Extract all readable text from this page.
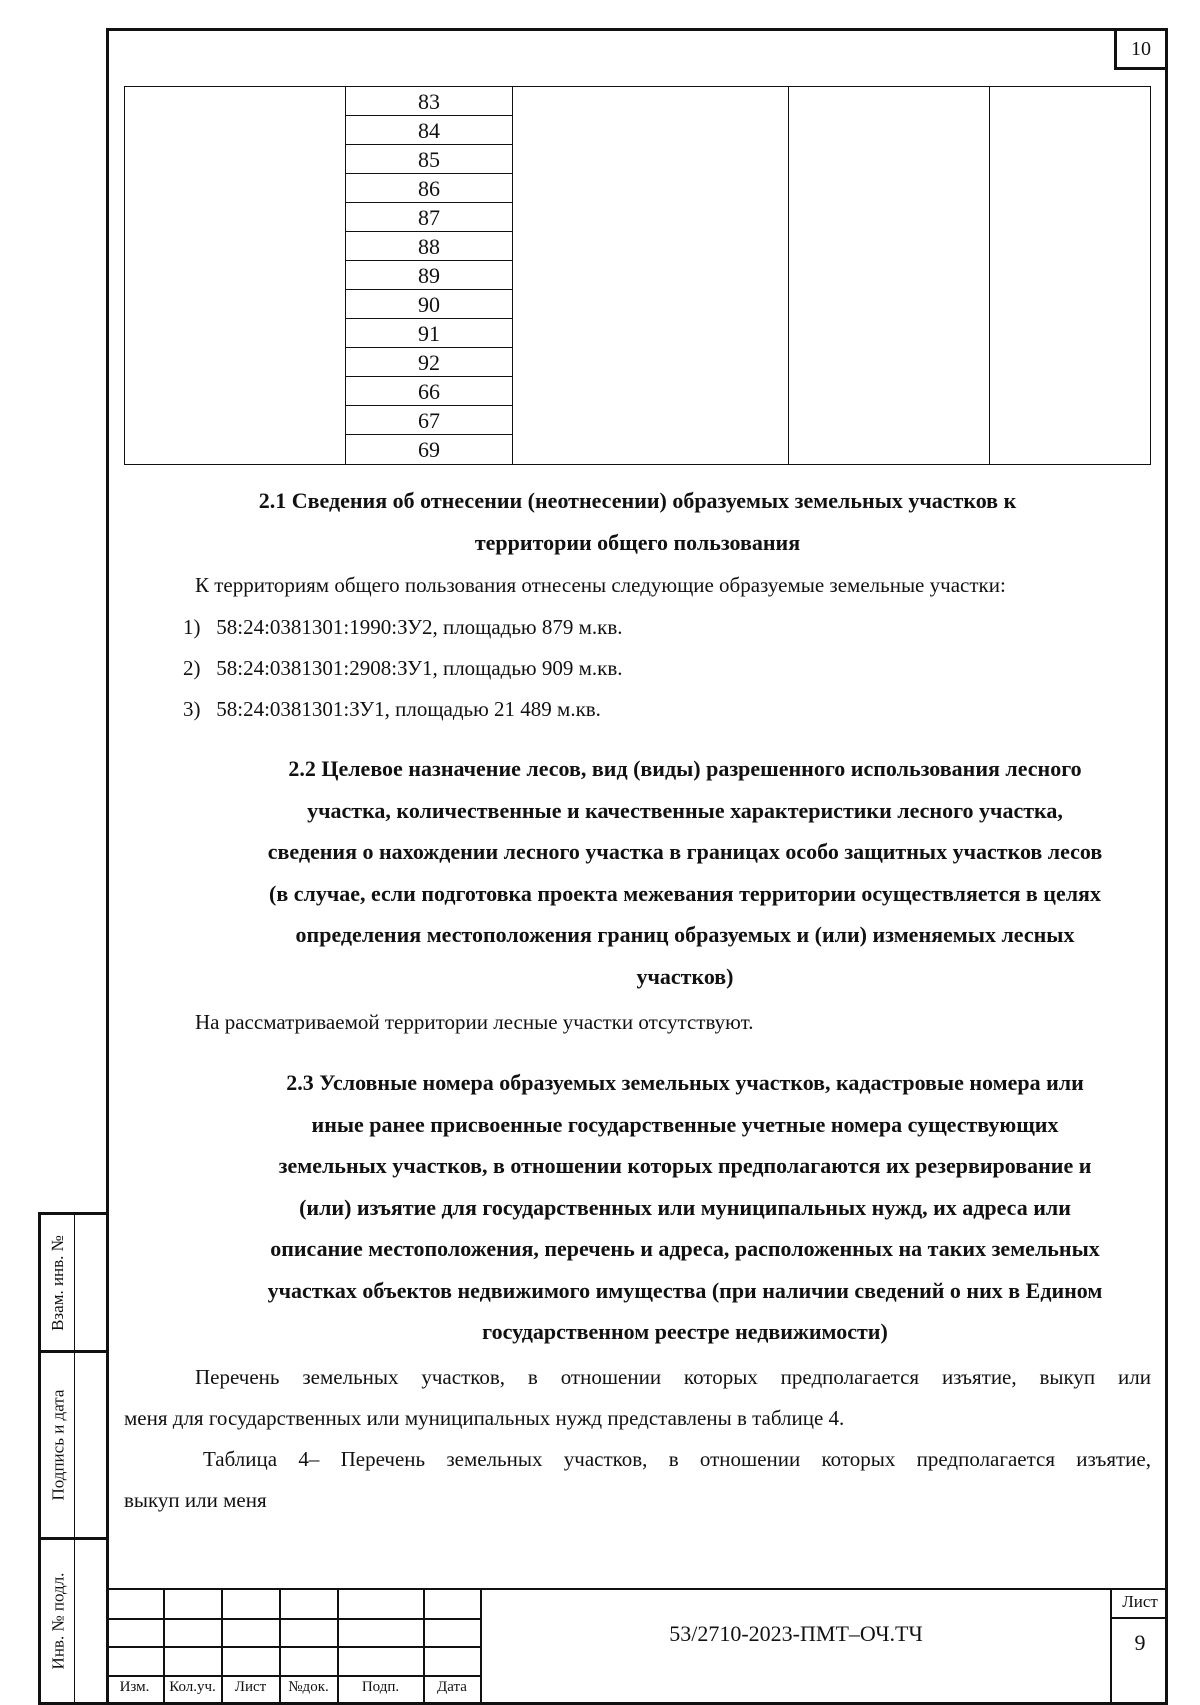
10
Взам. инв. №
Подпись и дата
Инв. № подл.

83
84
85
86
87
88
89
90
91
92
66
67
69

2.1 Сведения об отнесении (неотнесении) образуемых земельных участков к
территории общего пользования
К территориям общего пользования отнесены следующие образуемые земельные участки:
1) 58:24:0381301:1990:ЗУ2, площадью 879 м.кв.
2) 58:24:0381301:2908:ЗУ1, площадью 909 м.кв.
3) 58:24:0381301:ЗУ1, площадью 21 489 м.кв.
2.2 Целевое назначение лесов, вид (виды) разрешенного использования лесного
участка, количественные и качественные характеристики лесного участка,
сведения о нахождении лесного участка в границах особо защитных участков лесов
(в случае, если подготовка проекта межевания территории осуществляется в целях
определения местоположения границ образуемых и (или) изменяемых лесных
участков)
На рассматриваемой территории лесные участки отсутствуют.
2.3 Условные номера образуемых земельных участков, кадастровые номера или
иные ранее присвоенные государственные учетные номера существующих
земельных участков, в отношении которых предполагаются их резервирование и
(или) изъятие для государственных или муниципальных нужд, их адреса или
описание местоположения, перечень и адреса, расположенных на таких земельных
участках объектов недвижимого имущества (при наличии сведений о них в Едином
государственном реестре недвижимости)
Перечень земельных участков, в отношении которых предполагается изъятие, выкуп или
меня для государственных или муниципальных нужд представлены в таблице 4.
Таблица 4– Перечень земельных участков, в отношении которых предполагается изъятие,
выкуп или меня
Изм.	Кол.уч.	Лист	№док.	Подп.	Дата
53/2710-2023-ПМТ–ОЧ.ТЧ
Лист
9
